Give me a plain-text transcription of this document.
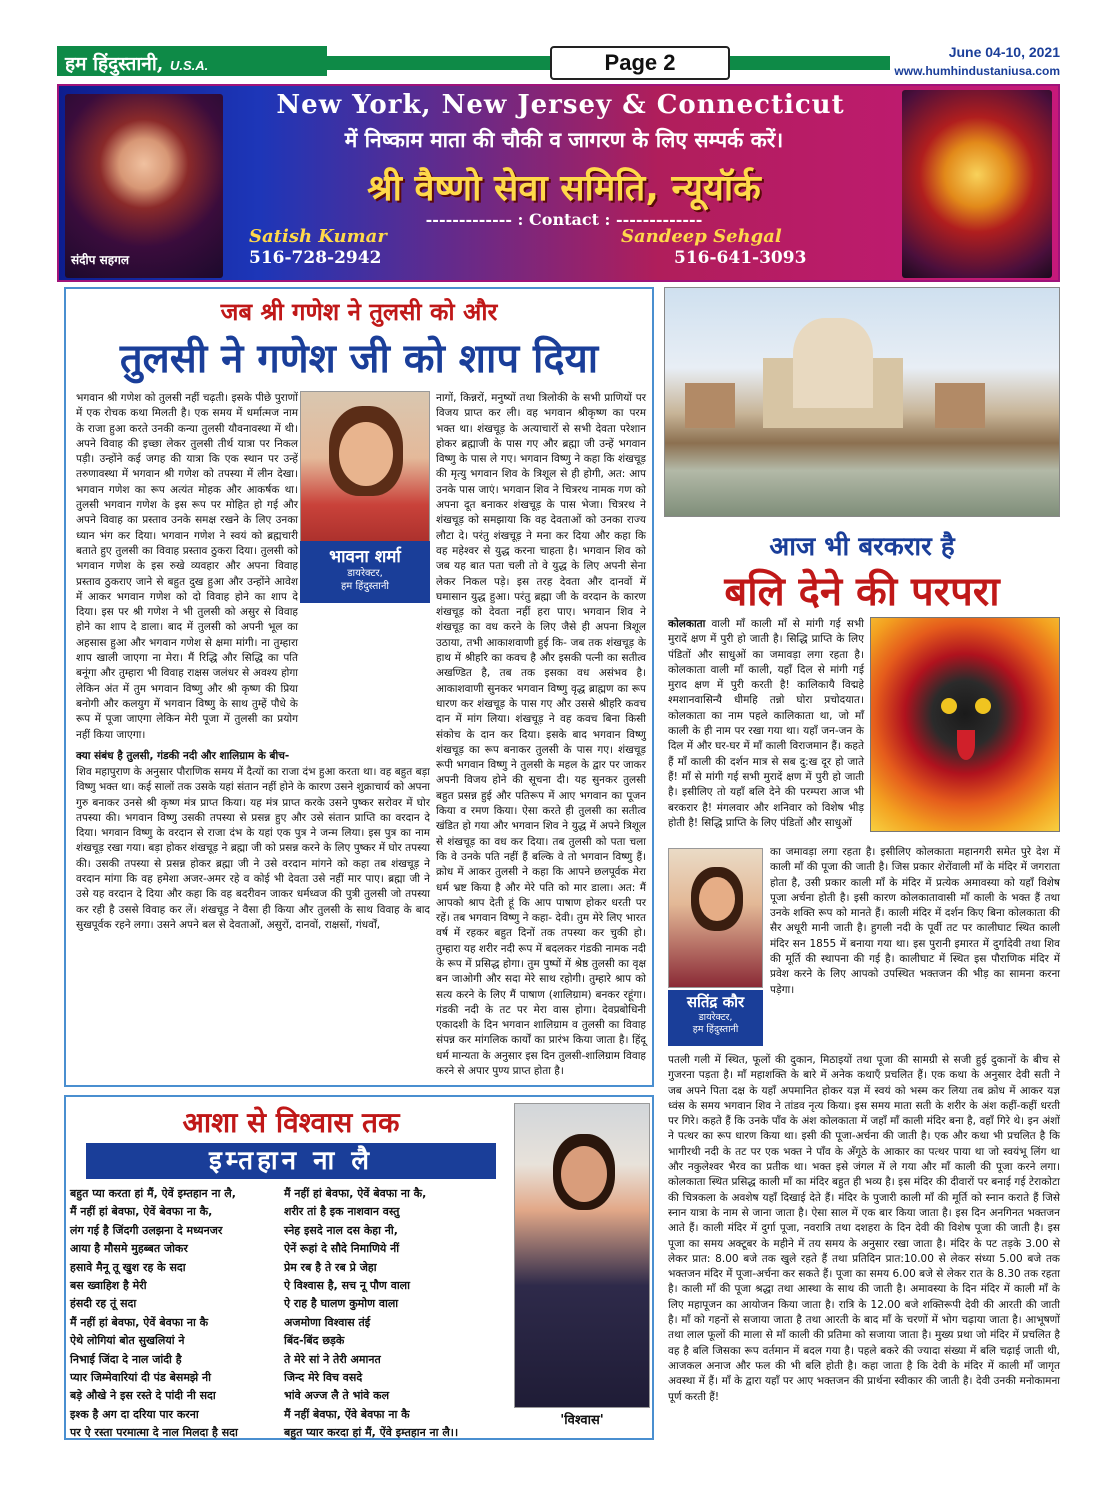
हम हिंदुस्तानी, U.S.A.	Page 2	June 04-10, 2021
www.humhindustaniusa.com
संदीप सहगल
New York, New Jersey & Connecticut
में निष्काम माता की चौकी व जागरण के लिए सम्पर्क करें।
श्री वैष्णो सेवा समिति, न्यूयॉर्क
------------- : Contact : -------------
Satish Kumar	Sandeep Sehgal
516-728-2942	516-641-3093
जब श्री गणेश ने तुलसी को और
तुलसी ने गणेश जी को शाप दिया
भगवान श्री गणेश को तुलसी नहीं चढ़ती। इसके पीछे पुराणों में एक रोचक कथा मिलती है। एक समय में धर्मात्मज नाम के राजा हुआ करते उनकी कन्या तुलसी यौवनावस्था में थी। अपने विवाह की इच्छा लेकर तुलसी तीर्थ यात्रा पर निकल पड़ी। उन्होंने कई जगह की यात्रा कि एक स्थान पर उन्हें तरुणावस्था में भगवान श्री गणेश को तपस्या में लीन देखा। भगवान गणेश का रूप अत्यंत मोहक और आकर्षक था। तुलसी भगवान गणेश के इस रूप पर मोहित हो गई और अपने विवाह का प्रस्ताव उनके समक्ष रखने के लिए उनका ध्यान भंग कर दिया। भगवान गणेश ने स्वयं को ब्रह्मचारी बताते हुए तुलसी का विवाह प्रस्ताव ठुकरा दिया। तुलसी को भगवान गणेश के इस रुखे व्यवहार और अपना विवाह प्रस्ताव ठुकराए जाने से बहुत दुख हुआ और उन्होंने आवेश में आकर भगवान गणेश को दो विवाह होने का शाप दे दिया। इस पर श्री गणेश ने भी तुलसी को असुर से विवाह होने का शाप दे डाला। बाद में तुलसी को अपनी भूल का अहसास हुआ और भगवान गणेश से क्षमा मांगी। ना तुम्हारा शाप खाली जाएगा ना मेरा। मैं रिद्धि और सिद्धि का पति बनूंगा और तुम्हारा भी विवाह राक्षस जलंधर से अवश्य होगा लेकिन अंत में तुम भगवान विष्णु और श्री कृष्ण की प्रिया बनोगी और कलयुग में भगवान विष्णु के साथ तुम्हें पौधे के रूप में पूजा जाएगा लेकिन मेरी पूजा में तुलसी का प्रयोग नहीं किया जाएगा।
भावना शर्मा
डायरेक्टर,
हम हिंदुस्तानी
क्या संबंध है तुलसी, गंडकी नदी और शालिग्राम के बीच-
शिव महापुराण के अनुसार पौराणिक समय में दैत्यों का राजा दंभ हुआ करता था। वह बहुत बड़ा विष्णु भक्त था। कई सालों तक उसके यहां संतान नहीं होने के कारण उसने शुक्राचार्य को अपना गुरु बनाकर उनसे श्री कृष्ण मंत्र प्राप्त किया। यह मंत्र प्राप्त करके उसने पुष्कर सरोवर में घोर तपस्या की। भगवान विष्णु उसकी तपस्या से प्रसन्न हुए और उसे संतान प्राप्ति का वरदान दे दिया। भगवान विष्णु के वरदान से राजा दंभ के यहां एक पुत्र ने जन्म लिया। इस पुत्र का नाम शंखचूड़ रखा गया। बड़ा होकर शंखचूड़ ने ब्रह्मा जी को प्रसन्न करने के लिए पुष्कर में घोर तपस्या की। उसकी तपस्या से प्रसन्न होकर ब्रह्मा जी ने उसे वरदान मांगने को कहा तब शंखचूड़ ने वरदान मांगा कि वह हमेशा अजर-अमर रहे व कोई भी देवता उसे नहीं मार पाए। ब्रह्मा जी ने उसे यह वरदान दे दिया और कहा कि वह बदरीवन जाकर धर्मध्वज की पुत्री तुलसी जो तपस्या कर रही है उससे विवाह कर लें। शंखचूड़ ने वैसा ही किया और तुलसी के साथ विवाह के बाद सुखपूर्वक रहने लगा। उसने अपने बल से देवताओं, असुरों, दानवों, राक्षसों, गंधर्वों,
नागों, किन्नरों, मनुष्यों तथा त्रिलोकी के सभी प्राणियों पर विजय प्राप्त कर ली। वह भगवान श्रीकृष्ण का परम भक्त था। शंखचूड़ के अत्याचारों से सभी देवता परेशान होकर ब्रह्माजी के पास गए और ब्रह्मा जी उन्हें भगवान विष्णु के पास ले गए। भगवान विष्णु ने कहा कि शंखचूड़ की मृत्यु भगवान शिव के त्रिशूल से ही होगी, अत: आप उनके पास जाएं। भगवान शिव ने चित्ररथ नामक गण को अपना दूत बनाकर शंखचूड़ के पास भेजा। चित्ररथ ने शंखचूड़ को समझाया कि वह देवताओं को उनका राज्य लौटा दे। परंतु शंखचूड़ ने मना कर दिया और कहा कि वह महेश्वर से युद्ध करना चाहता है। भगवान शिव को जब यह बात पता चली तो वे युद्ध के लिए अपनी सेना लेकर निकल पड़े। इस तरह देवता और दानवों में घमासान युद्ध हुआ। परंतु ब्रह्मा जी के वरदान के कारण शंखचूड़ को देवता नहीं हरा पाए। भगवान शिव ने शंखचूड़ का वध करने के लिए जैसे ही अपना त्रिशूल उठाया, तभी आकाशवाणी हुई कि- जब तक शंखचूड़ के हाथ में श्रीहरि का कवच है और इसकी पत्नी का सतीत्व अखण्डित है, तब तक इसका वध असंभव है। आकाशवाणी सुनकर भगवान विष्णु वृद्ध ब्राह्मण का रूप धारण कर शंखचूड़ के पास गए और उससे श्रीहरि कवच दान में मांग लिया। शंखचूड़ ने वह कवच बिना किसी संकोच के दान कर दिया। इसके बाद भगवान विष्णु शंखचूड़ का रूप बनाकर तुलसी के पास गए। शंखचूड़ रूपी भगवान विष्णु ने तुलसी के महल के द्वार पर जाकर अपनी विजय होने की सूचना दी। यह सुनकर तुलसी बहुत प्रसन्न हुई और पतिरूप में आए भगवान का पूजन किया व रमण किया। ऐसा करते ही तुलसी का सतीत्व खंडित हो गया और भगवान शिव ने युद्ध में अपने त्रिशूल से शंखचूड़ का वध कर दिया। तब तुलसी को पता चला कि वे उनके पति नहीं हैं बल्कि वे तो भगवान विष्णु हैं। क्रोध में आकर तुलसी ने कहा कि आपने छलपूर्वक मेरा धर्म भ्रष्ट किया है और मेरे पति को मार डाला। अत: मैं आपको श्राप देती हूं कि आप पाषाण होकर धरती पर रहें। तब भगवान विष्णु ने कहा- देवी। तुम मेरे लिए भारत वर्ष में रहकर बहुत दिनों तक तपस्या कर चुकी हो। तुम्हारा यह शरीर नदी रूप में बदलकर गंडकी नामक नदी के रूप में प्रसिद्ध होगा। तुम पुष्पों में श्रेष्ठ तुलसी का वृक्ष बन जाओगी और सदा मेरे साथ रहोगी। तुम्हारे श्राप को सत्य करने के लिए मैं पाषाण (शालिग्राम) बनकर रहूंगा। गंडकी नदी के तट पर मेरा वास होगा। देवप्रबोधिनी एकादशी के दिन भगवान शालिग्राम व तुलसी का विवाह संपन्न कर मांगलिक कार्यों का प्रारंभ किया जाता है। हिंदू धर्म मान्यता के अनुसार इस दिन तुलसी-शालिग्राम विवाह करने से अपार पुण्य प्राप्त होता है।
आज भी बरकरार है
बलि देने की परपरा
कोलकाता वाली माँ काली माँ से मांगी गई सभी मुरादें क्षण में पुरी हो जाती है। सिद्धि प्राप्ति के लिए पंडितों और साधुओं का जमावड़ा लगा रहता है। कोलकाता वाली माँ काली, यहाँ दिल से मांगी गई मुराद क्षण में पुरी करती है! कालिकायै विद्महे श्मशानवासिन्यै धीमहि तन्नो घोरा प्रचोदयात। कोलकाता का नाम पहले कालिकाता था, जो माँ काली के ही नाम पर रखा गया था। यहाँ जन-जन के दिल में और घर-घर में माँ काली विराजमान हैं। कहते हैं माँ काली की दर्शन मात्र से सब दु:ख दूर हो जाते हैं! माँ से मांगी गई सभी मुरादें क्षण में पुरी हो जाती है। इसीलिए तो यहाँ बलि देने की परम्परा आज भी बरकरार है! मंगलवार और शनिवार को विशेष भीड़ होती है! सिद्धि प्राप्ति के लिए पंडितों और साधुओं
सतिंद्र कौर
डायरेक्टर,
हम हिंदुस्तानी
का जमावड़ा लगा रहता है। इसीलिए कोलकाता महानगरी समेत पुरे देश में काली माँ की पूजा की जाती है। जिस प्रकार शेरोंवाली माँ के मंदिर में जगराता होता है, उसी प्रकार काली माँ के मंदिर में प्रत्येक अमावस्या को यहाँ विशेष पूजा अर्चना होती है। इसी कारण कोलकातावासी माँ काली के भक्त हैं तथा उनके शक्ति रूप को मानते हैं। काली मंदिर में दर्शन किए बिना कोलकाता की सैर अधूरी मानी जाती है। हुगली नदी के पूर्वी तट पर कालीघाट स्थित काली मंदिर सन 1855 में बनाया गया था। इस पुरानी इमारत में दुर्गादेवी तथा शिव की मूर्ति की स्थापना की गई है। कालीघाट में स्थित इस पौराणिक मंदिर में प्रवेश करने के लिए आपको उपस्थित भक्तजन की भीड़ का सामना करना पड़ेगा।
पतली गली में स्थित, फूलों की दुकान, मिठाइयों तथा पूजा की सामग्री से सजी हुई दुकानों के बीच से गुजरना पड़ता है। माँ महाशक्ति के बारे में अनेक कथाएँ प्रचलित हैं। एक कथा के अनुसार देवी सती ने जब अपने पिता दक्ष के यहाँ अपमानित होकर यज्ञ में स्वयं को भस्म कर लिया तब क्रोध में आकर यज्ञ ध्वंस के समय भगवान शिव ने तांडव नृत्य किया। इस समय माता सती के शरीर के अंश कहीं-कहीं धरती पर गिरे। कहते हैं कि उनके पाँव के अंश कोलकाता में जहाँ माँ काली मंदिर बना है, वहाँ गिरे थे। इन अंशों ने पत्थर का रूप धारण किया था। इसी की पूजा-अर्चना की जाती है। एक और कथा भी प्रचलित है कि भागीरथी नदी के तट पर एक भक्त ने पाँव के अँगूठे के आकार का पत्थर पाया था जो स्वयंभू लिंग था और नकुलेश्वर भैरव का प्रतीक था। भक्त इसे जंगल में ले गया और माँ काली की पूजा करने लगा। कोलकाता स्थित प्रसिद्ध काली माँ का मंदिर बहुत ही भव्य है। इस मंदिर की दीवारों पर बनाई गई टेराकोटा की चित्रकला के अवशेष यहाँ दिखाई देते हैं। मंदिर के पुजारी काली माँ की मूर्ति को स्नान कराते हैं जिसे स्नान यात्रा के नाम से जाना जाता है। ऐसा साल में एक बार किया जाता है। इस दिन अनगिनत भक्तजन आते हैं। काली मंदिर में दुर्गा पूजा, नवरात्रि तथा दशहरा के दिन देवी की विशेष पूजा की जाती है। इस पूजा का समय अक्टूबर के महीने में तय समय के अनुसार रखा जाता है। मंदिर के पट तड़के 3.00 से लेकर प्रात: 8.00 बजे तक खुले रहते हैं तथा प्रतिदिन प्रात:10.00 से लेकर संध्या 5.00 बजे तक भक्तजन मंदिर में पूजा-अर्चना कर सकते हैं। पूजा का समय 6.00 बजे से लेकर रात के 8.30 तक रहता है। काली माँ की पूजा श्रद्धा तथा आस्था के साथ की जाती है। अमावस्या के दिन मंदिर में काली माँ के लिए महापूजन का आयोजन किया जाता है। रात्रि के 12.00 बजे शक्तिरूपी देवी की आरती की जाती है। माँ को गहनों से सजाया जाता है तथा आरती के बाद माँ के चरणों में भोग चढ़ाया जाता है। आभूषणों तथा लाल फूलों की माला से माँ काली की प्रतिमा को सजाया जाता है। मुख्य प्रथा जो मंदिर में प्रचलित है वह है बलि जिसका रूप वर्तमान में बदल गया है। पहले बकरे की ज्यादा संख्या में बलि चढ़ाई जाती थी, आजकल अनाज और फल की भी बलि होती है। कहा जाता है कि देवी के मंदिर में काली माँ जागृत अवस्था में हैं। माँ के द्वारा यहाँ पर आए भक्तजन की प्रार्थना स्वीकार की जाती है। देवी उनकी मनोकामना पूर्ण करती हैं!
आशा से विश्वास तक
इम्तहान ना लै
बहुत प्या करता हां मैं, ऐवें इम्तहान ना लै,
मैं नहीं हां बेवफा, ऐवें बेवफा ना कै,
लंग गई है जिंदगी उलझना दे मध्यनजर
आया है मौसमे मुहब्बत जोकर
हसावे मैनू तू खुश रह के सदा
बस ख्वाहिश है मेरी
हंसदी रह तूं सदा
मैं नहीं हां बेवफा, ऐवें बेवफा ना कै
ऐथे लोगियां बोत सुखलियां ने
निभाई जिंदा दे नाल जांदी है
प्यार जिम्मेवारियां दी पंड बेसमझे नी
बड़े औखे ने इस रस्ते दे पांदी नी सदा
इश्क है अग दा दरिया पार करना
पर ऐ रस्ता परमात्मा दे नाल मिलदा है सदा
मैं नहीं हां बेवफा, ऐवें बेवफा ना कै,
शरीर तां है इक नाशवान वस्तु
स्नेह इसदे नाल दस केहा नी,
ऐनें रूहां दे सौदे निमाणिये नीं
प्रेम रब है ते रब प्रे जेहा
ऐ विश्वास है, सच नू पौण वाला
ऐ राह है घालण कुमोण वाला
अजमोणा विश्वास तंई
बिंद-बिंद छड़के
ते मेरे सां ने तेरी अमानत
जिन्द मेरे विच वसदे
भांवे अज्ज लै ते भांवे कल
मैं नहीं बेवफा, ऐंवे बेवफा ना कै
बहुत प्यार करदा हां मैं, ऐंवे इम्तहान ना लै।।
'विश्वास'
